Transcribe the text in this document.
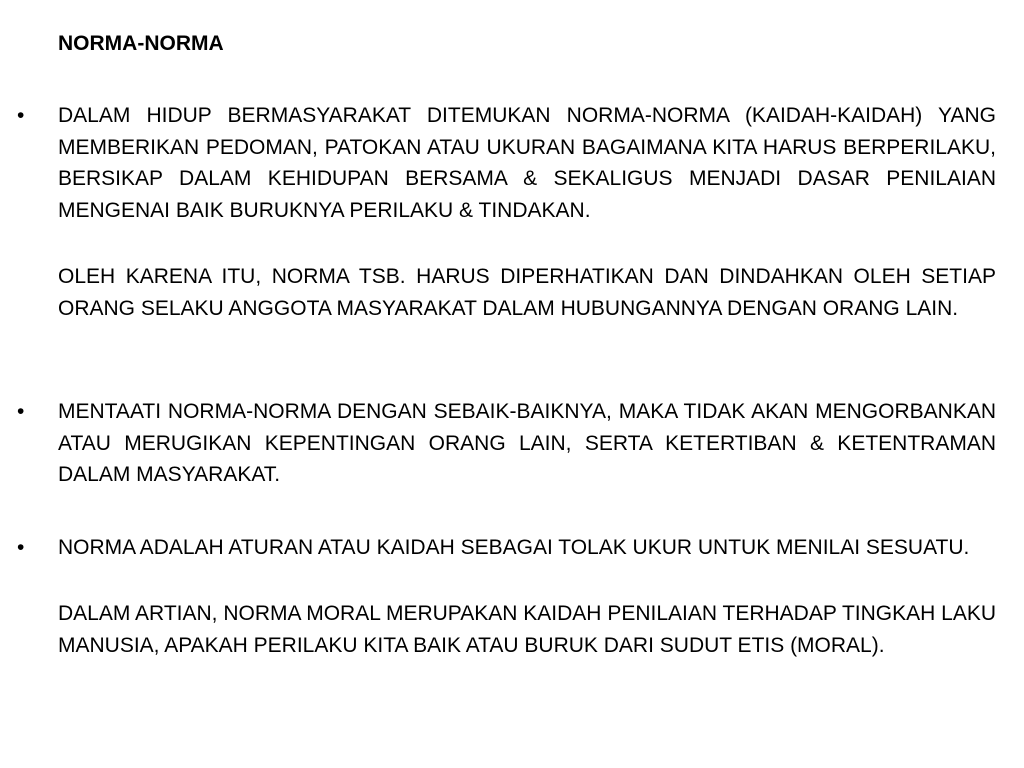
NORMA-NORMA
• DALAM HIDUP BERMASYARAKAT DITEMUKAN NORMA-NORMA (KAIDAH-KAIDAH) YANG MEMBERIKAN PEDOMAN, PATOKAN ATAU UKURAN BAGAIMANA KITA HARUS BERPERILAKU, BERSIKAP DALAM KEHIDUPAN BERSAMA & SEKALIGUS MENJADI DASAR PENILAIAN MENGENAI BAIK BURUKNYA PERILAKU & TINDAKAN.

OLEH KARENA ITU, NORMA TSB. HARUS DIPERHATIKAN DAN DINDAHKAN OLEH SETIAP ORANG SELAKU ANGGOTA MASYARAKAT DALAM HUBUNGANNYA DENGAN ORANG LAIN.

• MENTAATI NORMA-NORMA DENGAN SEBAIK-BAIKNYA, MAKA TIDAK AKAN MENGORBANKAN ATAU MERUGIKAN KEPENTINGAN ORANG LAIN, SERTA KETERTIBAN & KETENTRAMAN DALAM MASYARAKAT.

• NORMA ADALAH ATURAN ATAU KAIDAH SEBAGAI TOLAK UKUR UNTUK MENILAI SESUATU.

DALAM ARTIAN, NORMA MORAL MERUPAKAN KAIDAH PENILAIAN TERHADAP TINGKAH LAKU MANUSIA, APAKAH PERILAKU KITA BAIK ATAU BURUK DARI SUDUT ETIS (MORAL).
